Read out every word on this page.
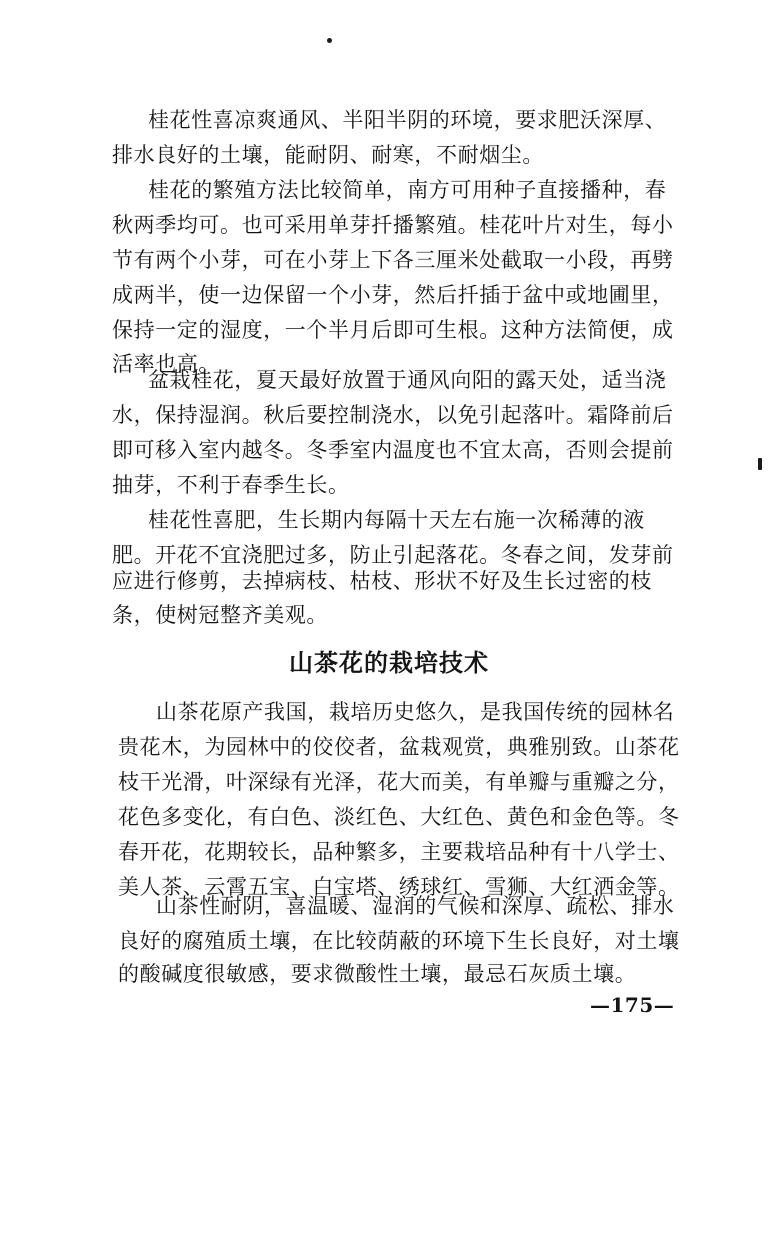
桂花性喜凉爽通风、半阳半阴的环境，要求肥沃深厚、
排水良好的土壤，能耐阴、耐寒，不耐烟尘。
桂花的繁殖方法比较简单，南方可用种子直接播种，春
秋两季均可。也可采用单芽扦播繁殖。桂花叶片对生，每小
节有两个小芽，可在小芽上下各三厘米处截取一小段，再劈
成两半，使一边保留一个小芽，然后扦插于盆中或地圃里，
保持一定的湿度，一个半月后即可生根。这种方法简便，成
活率也高。
盆栽桂花，夏天最好放置于通风向阳的露天处，适当浇
水，保持湿润。秋后要控制浇水，以免引起落叶。霜降前后
即可移入室内越冬。冬季室内温度也不宜太高，否则会提前
抽芽，不利于春季生长。
桂花性喜肥，生长期内每隔十天左右施一次稀薄的液
肥。开花不宜浇肥过多，防止引起落花。冬春之间，发芽前
应进行修剪，去掉病枝、枯枝、形状不好及生长过密的枝
条，使树冠整齐美观。
山茶花的栽培技术
山茶花原产我国，栽培历史悠久，是我国传统的园林名
贵花木，为园林中的佼佼者，盆栽观赏，典雅别致。山茶花
枝干光滑，叶深绿有光泽，花大而美，有单瓣与重瓣之分，
花色多变化，有白色、淡红色、大红色、黄色和金色等。冬
春开花，花期较长，品种繁多，主要栽培品种有十八学士、
美人茶、云霄五宝、白宝塔、绣球红、雪狮、大红洒金等。
山茶性耐阴，喜温暖、湿润的气候和深厚、疏松、排水
良好的腐殖质土壤，在比较荫蔽的环境下生长良好，对土壤
的酸碱度很敏感，要求微酸性土壤，最忌石灰质土壤。
—175—
